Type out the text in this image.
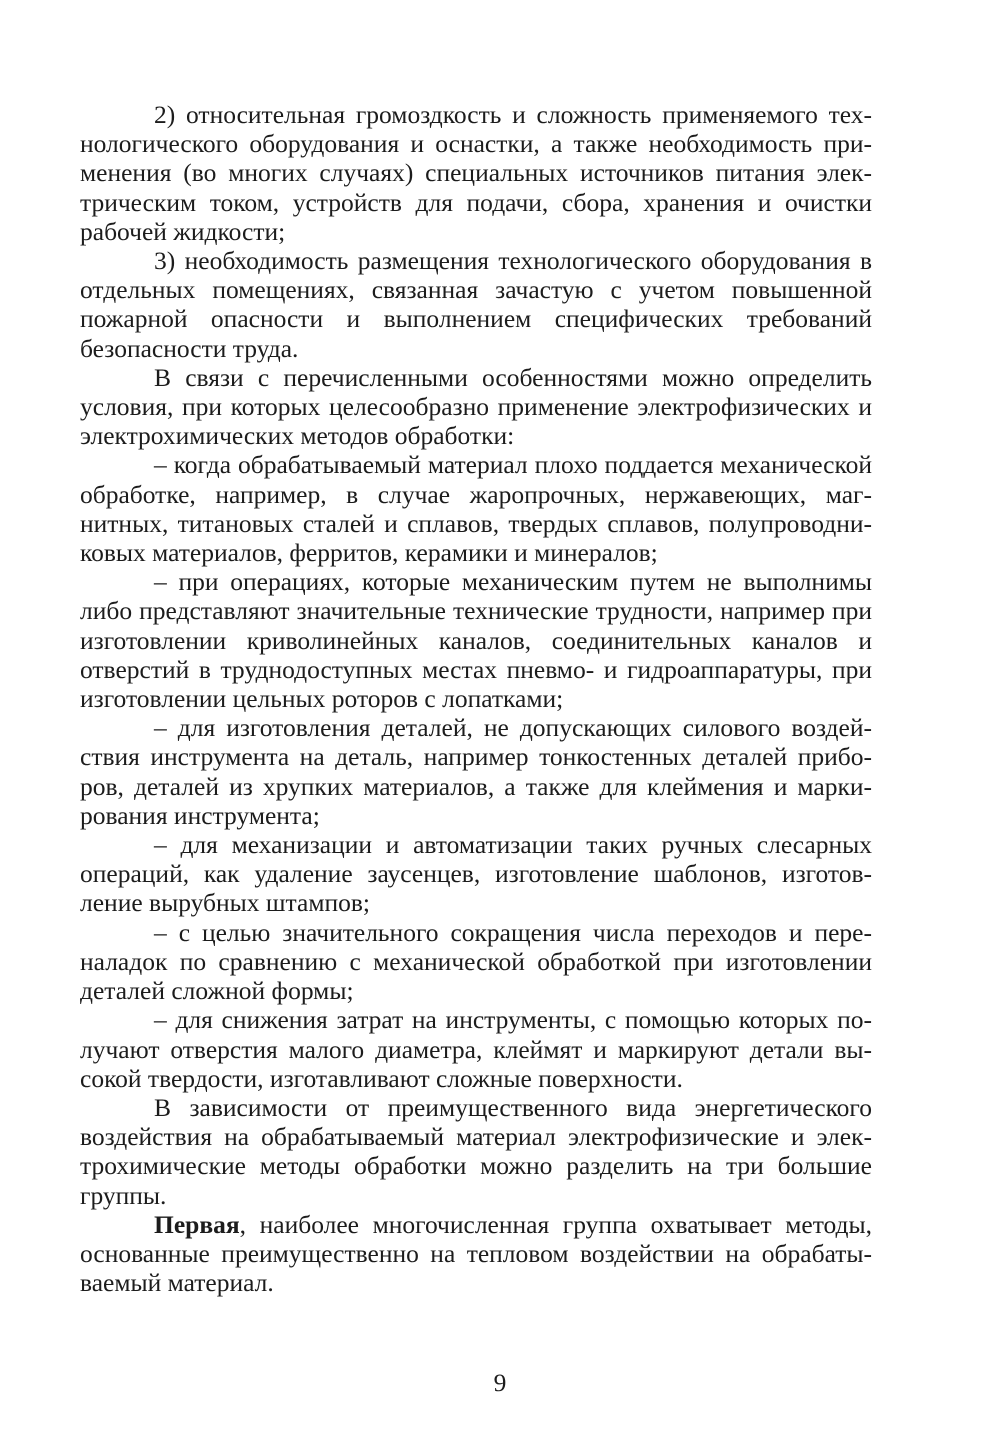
2) относительная громоздкость и сложность применяемого технологического оборудования и оснастки, а также необходимость применения (во многих случаях) специальных источников питания электрическим током, устройств для подачи, сбора, хранения и очистки рабочей жидкости;

3) необходимость размещения технологического оборудования в отдельных помещениях, связанная зачастую с учетом повышенной пожарной опасности и выполнением специфических требований безопасности труда.

В связи с перечисленными особенностями можно определить условия, при которых целесообразно применение электрофизических и электрохимических методов обработки:

– когда обрабатываемый материал плохо поддается механической обработке, например, в случае жаропрочных, нержавеющих, магнитных, титановых сталей и сплавов, твердых сплавов, полупроводниковых материалов, ферритов, керамики и минералов;

– при операциях, которые механическим путем не выполнимы либо представляют значительные технические трудности, например при изготовлении криволинейных каналов, соединительных каналов и отверстий в труднодоступных местах пневмо- и гидроаппаратуры, при изготовлении цельных роторов с лопатками;

– для изготовления деталей, не допускающих силового воздействия инструмента на деталь, например тонкостенных деталей приборов, деталей из хрупких материалов, а также для клеймения и маркирования инструмента;

– для механизации и автоматизации таких ручных слесарных операций, как удаление заусенцев, изготовление шаблонов, изготовление вырубных штампов;

– с целью значительного сокращения числа переходов и переналадок по сравнению с механической обработкой при изготовлении деталей сложной формы;

– для снижения затрат на инструменты, с помощью которых получают отверстия малого диаметра, клеймят и маркируют детали высокой твердости, изготавливают сложные поверхности.

В зависимости от преимущественного вида энергетического воздействия на обрабатываемый материал электрофизические и электрохимические методы обработки можно разделить на три большие группы.

Первая, наиболее многочисленная группа охватывает методы, основанные преимущественно на тепловом воздействии на обрабатываемый материал.

9
